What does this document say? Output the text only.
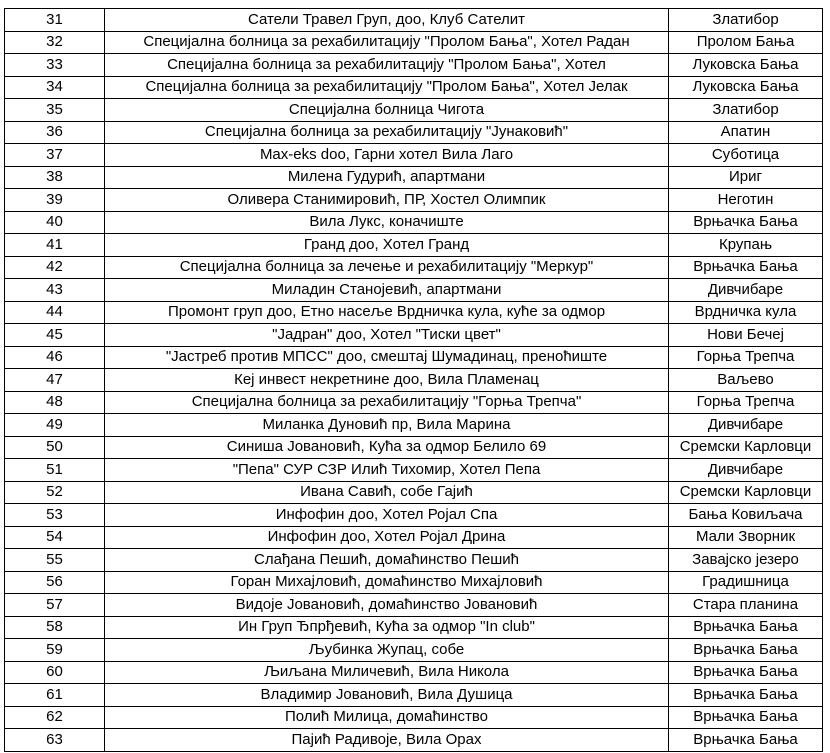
31	Сатели Травел Груп, доо, Клуб Сателит	Златибор
32	Специјална болница за рехабилитацију "Пролом Бања", Хотел Радан	Пролом Бања
33	Специјална болница за рехабилитацију "Пролом Бања", Хотел	Луковска Бања
34	Специјална болница за рехабилитацију "Пролом Бања", Хотел Јелак	Луковска Бања
35	Специјална болница Чигота	Златибор
36	Специјална болница за рехабилитацију "Јунаковић"	Апатин
37	Max-eks doo, Гарни хотел Вила Лаго	Суботица
38	Милена Гудурић, апартмани	Ириг
39	Оливера Станимировић, ПР, Хостел Олимпик	Неготин
40	Вила Лукс, коначиште	Врњачка Бања
41	Гранд доо, Хотел Гранд	Крупањ
42	Специјална болница за лечење и рехабилитацију "Меркур"	Врњачка Бања
43	Миладин Станојевић, апартмани	Дивчибаре
44	Промонт груп доо, Етно насеље Врдничка кула, куће за одмор	Врдничка кула
45	"Јадран" доо, Хотел "Тиски цвет"	Нови Бечеј
46	"Јастреб против МПСС" доо, смештај Шумадинац, преноћиште	Горња Трепча
47	Кеј инвест некретнине доо, Вила Пламенац	Ваљево
48	Специјална болница за рехабилитацију "Горња Трепча"	Горња Трепча
49	Миланка Дуновић пр, Вила Марина	Дивчибаре
50	Синиша Јовановић, Кућа за одмор Белило 69	Сремски Карловци
51	"Пепа" СУР СЗР Илић Тихомир, Хотел Пепа	Дивчибаре
52	Ивана Савић, собе Гајић	Сремски Карловци
53	Инфофин доо, Хотел Ројал Спа	Бања Ковиљача
54	Инфофин доо, Хотел Ројал Дрина	Мали Зворник
55	Слађана Пешић, домаћинство Пешић	Завајско језеро
56	Горан Михајловић, домаћинство Михајловић	Градишница
57	Видоје Јовановић, домаћинство Јовановић	Стара планина
58	Ин Груп Ђпрђевић, Кућа за одмор "In club"	Врњачка Бања
59	Љубинка Жупац, собе	Врњачка Бања
60	Љиљана Миличевић, Вила Никола	Врњачка Бања
61	Владимир Јовановић, Вила Душица	Врњачка Бања
62	Полић Милица, домаћинство	Врњачка Бања
63	Пајић Радивоје, Вила Орах	Врњачка Бања
